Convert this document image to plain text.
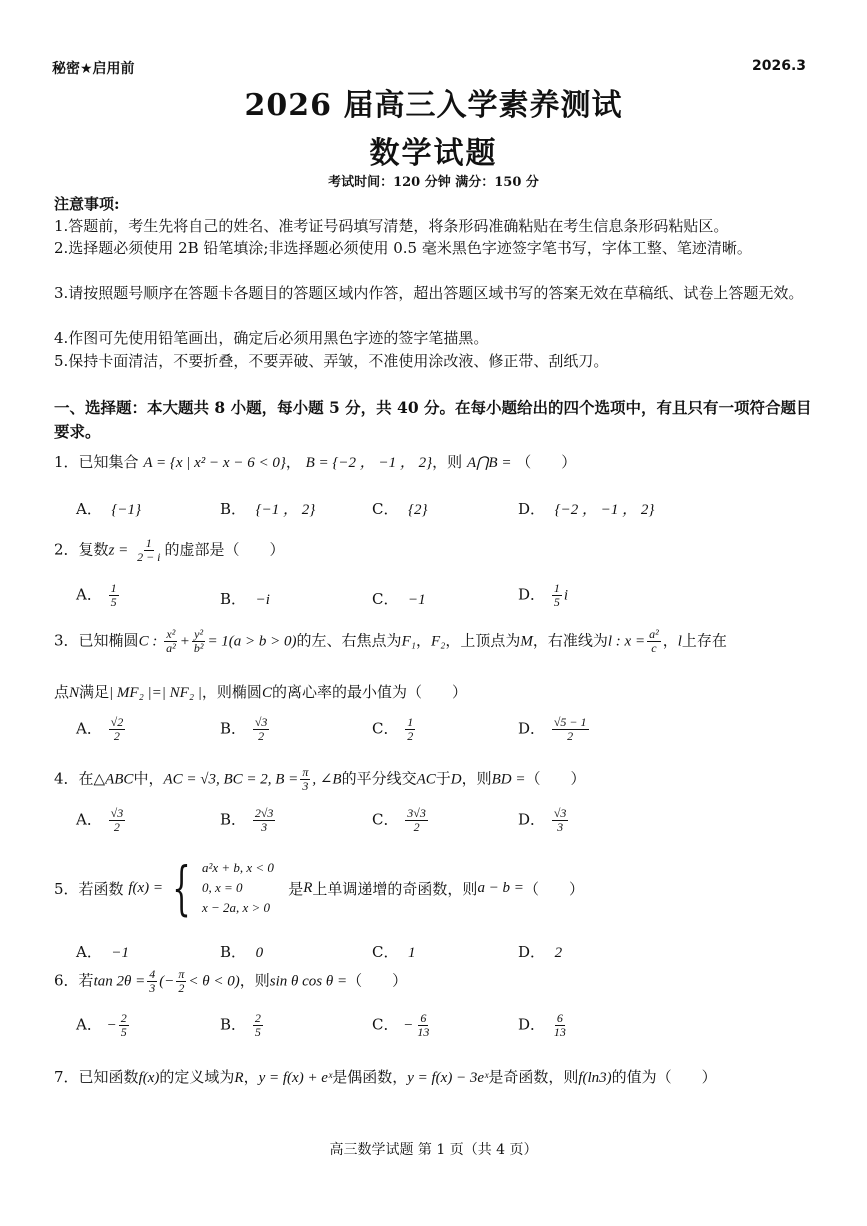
秘密★启用前	2026.3
2026 届高三入学素养测试
数学试题
考试时间：120 分钟 满分：150 分
注意事项:
1.答题前，考生先将自己的姓名、准考证号码填写清楚，将条形码准确粘贴在考生信息条形码粘贴区。
2.选择题必须使用 2B 铅笔填涂;非选择题必须使用 0.5 毫米黑色字迹签字笔书写，字体工整、笔迹清晰。
3.请按照题号顺序在答题卡各题目的答题区域内作答，超出答题区域书写的答案无效在草稿纸、试卷上答题无效。
4.作图可先使用铅笔画出，确定后必须用黑色字迹的签字笔描黑。
5.保持卡面清洁，不要折叠，不要弄破、弄皱，不准使用涂改液、修正带、刮纸刀。
一、选择题：本大题共 8 小题，每小题 5 分，共 40 分。在每小题给出的四个选项中，有且只有一项符合题目要求。
1．已知集合 A = {x | x² − x − 6 < 0}， B = {−2 ， −1 ， 2}，则 A⋂B = （　　）
A． {−1}	B． {−1 ， 2}	C． {2}	D． {−2 ， −1 ， 2}
2．复数$z = \frac{1}{2 - i}$ 的虚部是（　　）
A． $\frac{1}{5}$	B． −i	C． −1	D． $\frac{1}{5}$ i
3．已知椭圆C : $\frac{\text{x²}}{\text{a²}} + \frac{\text{y²}}{\text{b²}} = 1(a > b > 0)$的左、右焦点为F₁，F₂，上顶点为M，右准线为l : $x = \frac{\text{a²}}{c}$ ，l上存在
点N满足| MF₂ |=| NF₂ |，则椭圆C的离心率的最小值为（　　）
A． $\frac{√2}{2}$	B． $\frac{√3}{2}$	C． $\frac{1}{2}$	D． $\frac{√5 - 1}{2}$
4．在△ABC中，AC = √3, BC = 2, $B = \frac{\pi}{3}$ , ∠B的平分线交AC于D，则BD =（　　）
A． $\frac{√3}{2}$	B． $\frac{2√3}{3}$	C． $\frac{3√3}{2}$	D． $\frac{√3}{3}$
5． 若函数
f(x) = { a²x + b, x < 0
0, x = 0
x − 2a, x > 0

是 R 上单调递增的奇函数，则 a − b = （　　）
A． −1	B． 0	C． 1	D． 2
6．若$\tan 2\theta = \frac{4}{3}$ (− $\frac{\pi}{2} < \theta < 0$)，则sin θ cos θ =（　　）
A． − $\frac{2}{5}$	B． $\frac{2}{5}$	C． − $\frac{6}{13}$	D． $\frac{6}{13}$
7．已知函数f(x)的定义域为R，y = f(x) + eˣ是偶函数，y = f(x) − 3eˣ是奇函数，则f(ln3)的值为（　　）
高三数学试题 第 1 页（共 4 页）
